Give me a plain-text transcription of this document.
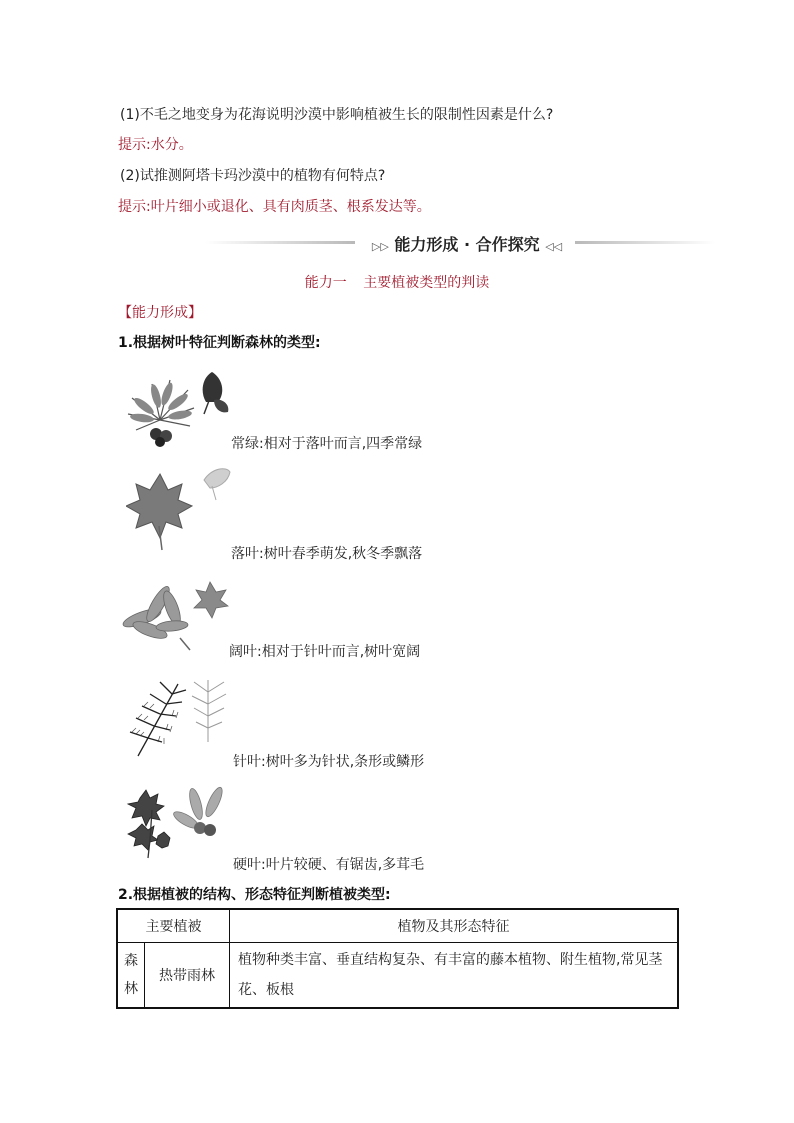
(1)不毛之地变身为花海说明沙漠中影响植被生长的限制性因素是什么?
提示:水分。
(2)试推测阿塔卡玛沙漠中的植物有何特点?
提示:叶片细小或退化、具有肉质茎、根系发达等。
▷▷ 能力形成 · 合作探究 ◁◁
能力一 主要植被类型的判读
【能力形成】
1.根据树叶特征判断森林的类型:
常绿:相对于落叶而言,四季常绿
落叶:树叶春季萌发,秋冬季飘落
阔叶:相对于针叶而言,树叶宽阔
针叶:树叶多为针状,条形或鳞形
硬叶:叶片较硬、有锯齿,多茸毛
2.根据植被的结构、形态特征判断植被类型:
主要植被		植物及其形态特征

森
林	热带雨林	植物种类丰富、垂直结构复杂、有丰富的藤本植物、附生植物,常见茎花、板根
